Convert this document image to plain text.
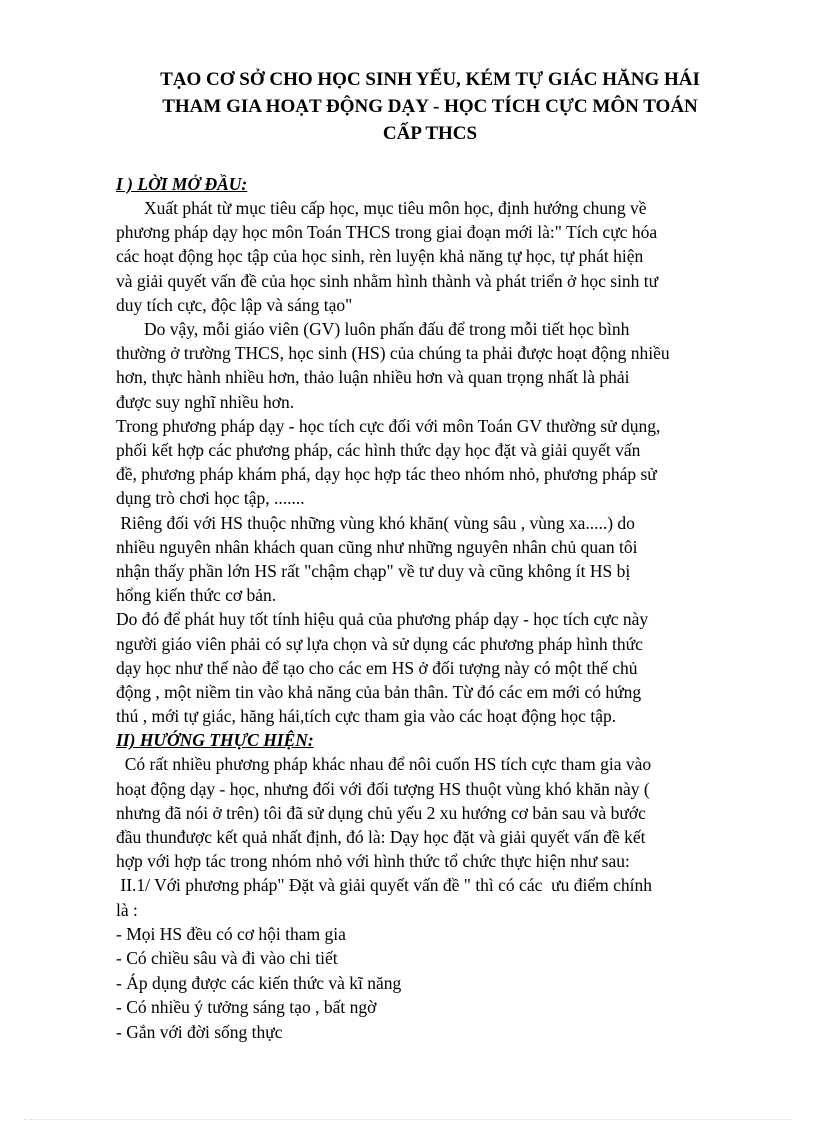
TẠO CƠ SỞ CHO HỌC SINH YẾU, KÉM TỰ GIÁC HĂNG HÁI
THAM GIA HOẠT ĐỘNG DẠY - HỌC TÍCH CỰC MÔN TOÁN
CẤP THCS
I ) LỜI MỞ ĐẦU:
Xuất phát từ mục tiêu cấp học, mục tiêu môn học, định hướng chung về
phương pháp dạy học môn Toán THCS trong giai đoạn mới là:" Tích cực hóa
các hoạt động học tập của học sinh, rèn luyện khả năng tự học, tự phát hiện
và giải quyết vấn đề của học sinh nhằm hình thành và phát triển ở học sinh tư
duy tích cực, độc lập và sáng tạo"
Do vậy, mỗi giáo viên (GV) luôn phấn đấu để trong mỗi tiết học bình
thường ở trường THCS, học sinh (HS) của chúng ta phải được hoạt động nhiều
hơn, thực hành nhiều hơn, thảo luận nhiều hơn và quan trọng nhất là phải
được suy nghĩ nhiều hơn.
Trong phương pháp dạy - học tích cực đối với môn Toán GV thường sử dụng,
phối kết hợp các phương pháp, các hình thức dạy học đặt và giải quyết vấn
đề, phương pháp khám phá, dạy học hợp tác theo nhóm nhỏ, phương pháp sử
dụng trò chơi học tập, .......
Riêng đối với HS thuộc những vùng khó khăn( vùng sâu , vùng xa.....) do
nhiều nguyên nhân khách quan cũng như những nguyên nhân chủ quan tôi
nhận thấy phần lớn HS rất "chậm chạp" về tư duy và cũng không ít HS bị
hổng kiến thức cơ bản.
Do đó để phát huy tốt tính hiệu quả của phương pháp dạy - học tích cực này
người giáo viên phải có sự lựa chọn và sử dụng các phương pháp hình thức
dạy học như thế nào để tạo cho các em HS ở đối tượng này có một thế chủ
động , một niềm tin vào khả năng của bản thân. Từ đó các em mới có hứng
thú , mới tự giác, hăng hái,tích cực tham gia vào các hoạt động học tập.
II) HƯỚNG THỰC HIỆN:
Có rất nhiều phương pháp khác nhau để nôi cuốn HS tích cực tham gia vào
hoạt động dạy - học, nhưng đối với đối tượng HS thuột vùng khó khăn này (
nhưng đã nói ở trên) tôi đã sử dụng chủ yếu 2 xu hướng cơ bản sau và bước
đầu thunđược kết quả nhất định, đó là: Dạy học đặt và giải quyết vấn đề kết
hợp với hợp tác trong nhóm nhỏ với hình thức tổ chức thực hiện như sau:
II.1/ Với phương pháp" Đặt và giải quyết vấn đề " thì có các  ưu điểm chính
là :
- Mọi HS đều có cơ hội tham gia
- Có chiều sâu và đi vào chi tiết
- Áp dụng được các kiến thức và kĩ năng
- Có nhiều ý tưởng sáng tạo , bất ngờ
- Gắn với đời sống thực
